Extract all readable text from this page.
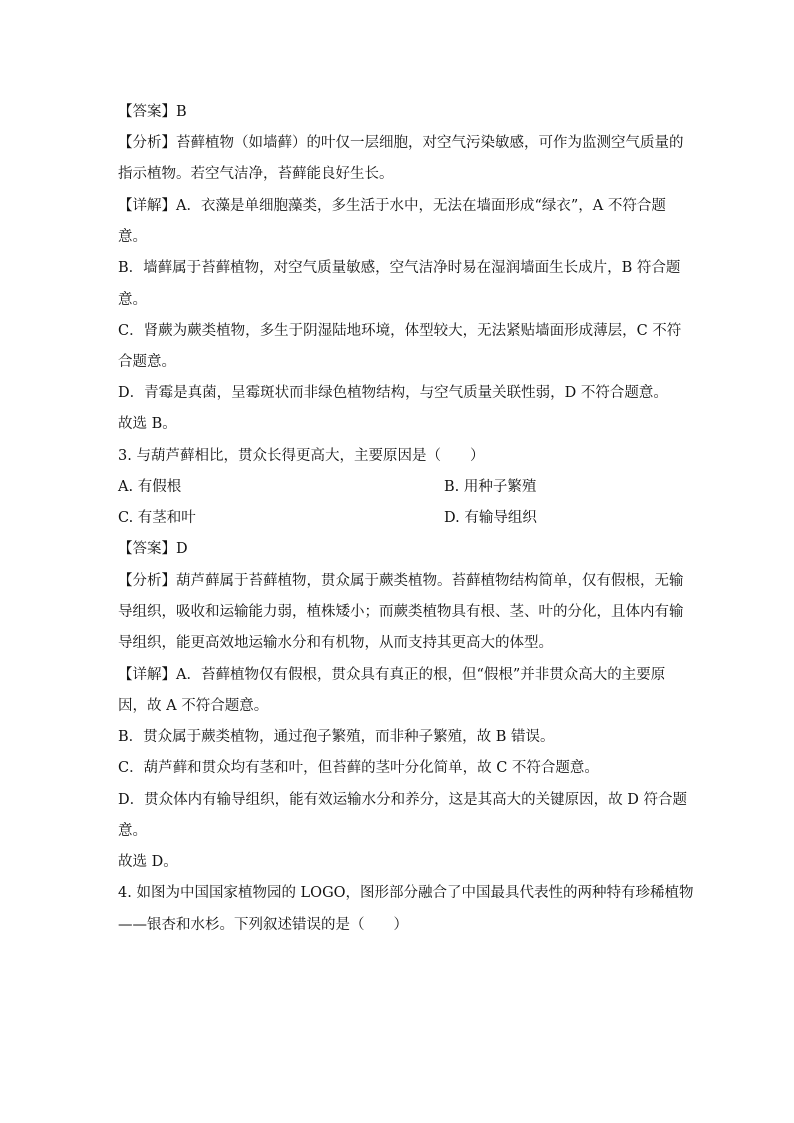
【答案】B
【分析】苔藓植物（如墙藓）的叶仅一层细胞，对空气污染敏感，可作为监测空气质量的
指示植物。若空气洁净，苔藓能良好生长。
【详解】A．衣藻是单细胞藻类，多生活于水中，无法在墙面形成“绿衣”，A 不符合题
意。
B．墙藓属于苔藓植物，对空气质量敏感，空气洁净时易在湿润墙面生长成片，B 符合题
意。
C．肾蕨为蕨类植物，多生于阴湿陆地环境，体型较大，无法紧贴墙面形成薄层，C 不符
合题意。
D．青霉是真菌，呈霉斑状而非绿色植物结构，与空气质量关联性弱，D 不符合题意。
故选 B。
3. 与葫芦藓相比，贯众长得更高大，主要原因是（　　）
A. 有假根	B. 用种子繁殖
C. 有茎和叶	D. 有输导组织
【答案】D
【分析】葫芦藓属于苔藓植物，贯众属于蕨类植物。苔藓植物结构简单，仅有假根，无输
导组织，吸收和运输能力弱，植株矮小；而蕨类植物具有根、茎、叶的分化，且体内有输
导组织，能更高效地运输水分和有机物，从而支持其更高大的体型。
【详解】A．苔藓植物仅有假根，贯众具有真正的根，但“假根”并非贯众高大的主要原
因，故 A 不符合题意。
B．贯众属于蕨类植物，通过孢子繁殖，而非种子繁殖，故 B 错误。
C．葫芦藓和贯众均有茎和叶，但苔藓的茎叶分化简单，故 C 不符合题意。
D．贯众体内有输导组织，能有效运输水分和养分，这是其高大的关键原因，故 D 符合题
意。
故选 D。
4. 如图为中国国家植物园的 LOGO，图形部分融合了中国最具代表性的两种特有珍稀植物
——银杏和水杉。下列叙述错误的是（　　）
